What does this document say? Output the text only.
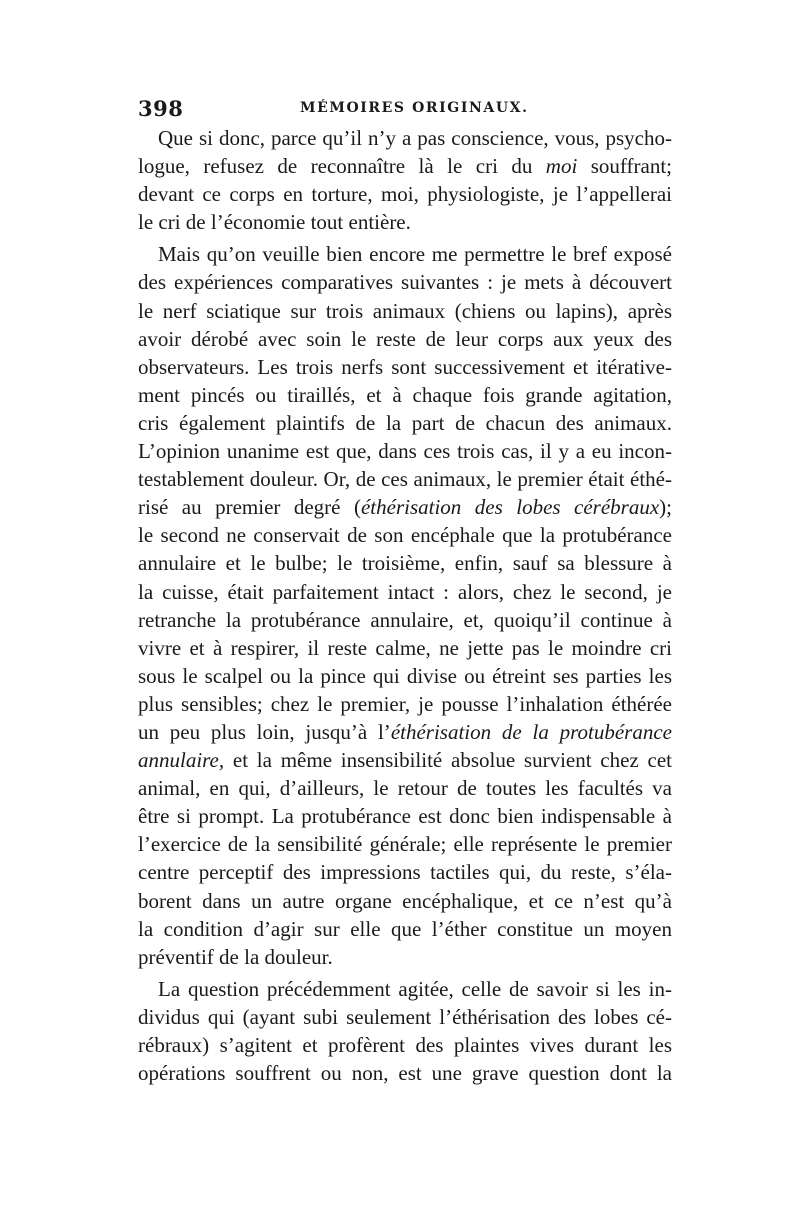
398	MÉMOIRES ORIGINAUX.
Que si donc, parce qu’il n’y a pas conscience, vous, psycho-
logue, refusez de reconnaître là le cri du moi souffrant;
devant ce corps en torture, moi, physiologiste, je l’appellerai
le cri de l’économie tout entière.
Mais qu’on veuille bien encore me permettre le bref exposé
des expériences comparatives suivantes : je mets à découvert
le nerf sciatique sur trois animaux (chiens ou lapins), après
avoir dérobé avec soin le reste de leur corps aux yeux des
observateurs. Les trois nerfs sont successivement et itérative-
ment pincés ou tiraillés, et à chaque fois grande agitation,
cris également plaintifs de la part de chacun des animaux.
L’opinion unanime est que, dans ces trois cas, il y a eu incon-
testablement douleur. Or, de ces animaux, le premier était éthé-
risé au premier degré (éthérisation des lobes cérébraux);
le second ne conservait de son encéphale que la protubérance
annulaire et le bulbe; le troisième, enfin, sauf sa blessure à
la cuisse, était parfaitement intact : alors, chez le second, je
retranche la protubérance annulaire, et, quoiqu’il continue à
vivre et à respirer, il reste calme, ne jette pas le moindre cri
sous le scalpel ou la pince qui divise ou étreint ses parties les
plus sensibles; chez le premier, je pousse l’inhalation éthérée
un peu plus loin, jusqu’à l’éthérisation de la protubérance
annulaire, et la même insensibilité absolue survient chez cet
animal, en qui, d’ailleurs, le retour de toutes les facultés va
être si prompt. La protubérance est donc bien indispensable à
l’exercice de la sensibilité générale; elle représente le premier
centre perceptif des impressions tactiles qui, du reste, s’éla-
borent dans un autre organe encéphalique, et ce n’est qu’à
la condition d’agir sur elle que l’éther constitue un moyen
préventif de la douleur.
La question précédemment agitée, celle de savoir si les in-
dividus qui (ayant subi seulement l’éthérisation des lobes cé-
rébraux) s’agitent et profèrent des plaintes vives durant les
opérations souffrent ou non, est une grave question dont la
